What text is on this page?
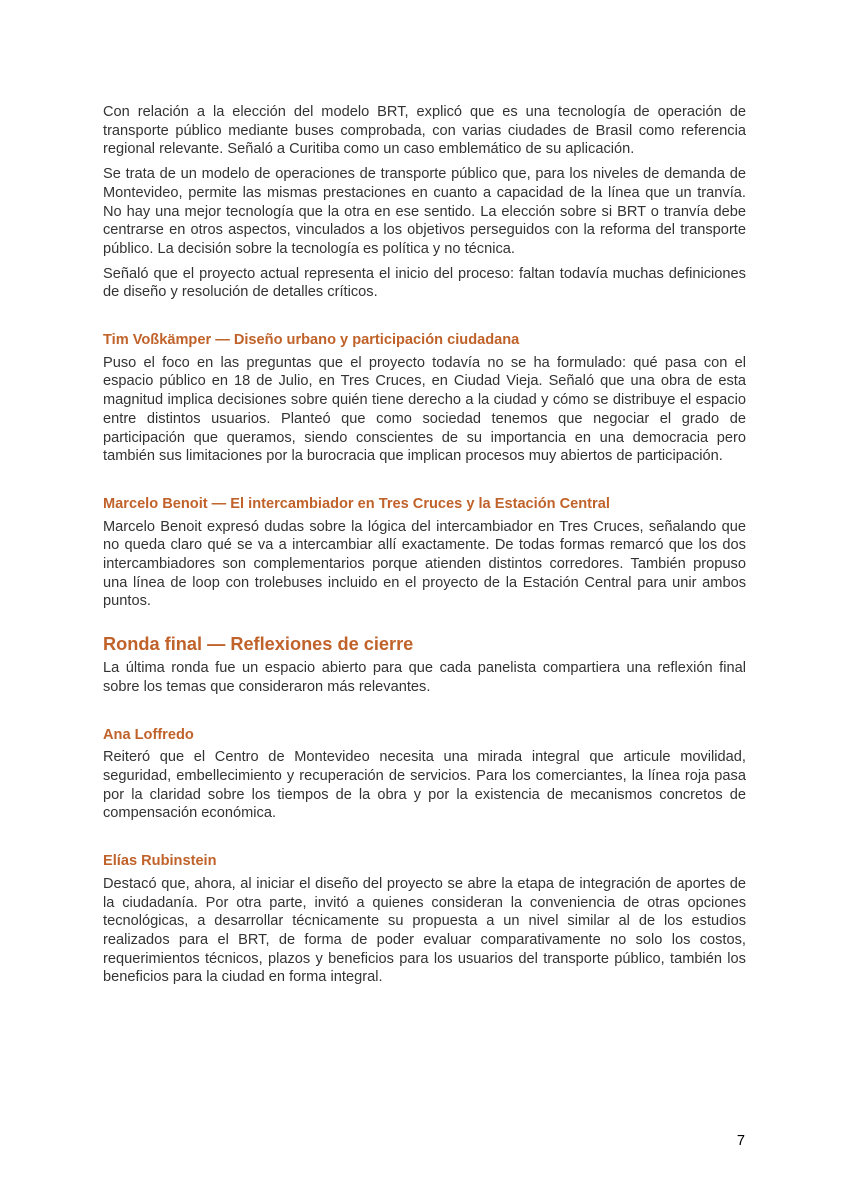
Con relación a la elección del modelo BRT, explicó que es una tecnología de operación de transporte público mediante buses comprobada, con varias ciudades de Brasil como referencia regional relevante. Señaló a Curitiba como un caso emblemático de su aplicación.

Se trata de un modelo de operaciones de transporte público que, para los niveles de demanda de Montevideo, permite las mismas prestaciones en cuanto a capacidad de la línea que un tranvía. No hay una mejor tecnología que la otra en ese sentido. La elección sobre si BRT o tranvía debe centrarse en otros aspectos, vinculados a los objetivos perseguidos con la reforma del transporte público. La decisión sobre la tecnología es política y no técnica.

Señaló que el proyecto actual representa el inicio del proceso: faltan todavía muchas definiciones de diseño y resolución de detalles críticos.

Tim Voßkämper — Diseño urbano y participación ciudadana

Puso el foco en las preguntas que el proyecto todavía no se ha formulado: qué pasa con el espacio público en 18 de Julio, en Tres Cruces, en Ciudad Vieja. Señaló que una obra de esta magnitud implica decisiones sobre quién tiene derecho a la ciudad y cómo se distribuye el espacio entre distintos usuarios. Planteó que como sociedad tenemos que negociar el grado de participación que queramos, siendo conscientes de su importancia en una democracia pero también sus limitaciones por la burocracia que implican procesos muy abiertos de participación.

Marcelo Benoit — El intercambiador en Tres Cruces y la Estación Central

Marcelo Benoit expresó dudas sobre la lógica del intercambiador en Tres Cruces, señalando que no queda claro qué se va a intercambiar allí exactamente. De todas formas remarcó que los dos intercambiadores son complementarios porque atienden distintos corredores. También propuso una línea de loop con trolebuses incluido en el proyecto de la Estación Central para unir ambos puntos.

Ronda final — Reflexiones de cierre

La última ronda fue un espacio abierto para que cada panelista compartiera una reflexión final sobre los temas que consideraron más relevantes.

Ana Loffredo

Reiteró que el Centro de Montevideo necesita una mirada integral que articule movilidad, seguridad, embellecimiento y recuperación de servicios. Para los comerciantes, la línea roja pasa por la claridad sobre los tiempos de la obra y por la existencia de mecanismos concretos de compensación económica.

Elías Rubinstein

Destacó que, ahora, al iniciar el diseño del proyecto se abre la etapa de integración de aportes de la ciudadanía. Por otra parte, invitó a quienes consideran la conveniencia de otras opciones tecnológicas, a desarrollar técnicamente su propuesta a un nivel similar al de los estudios realizados para el BRT, de forma de poder evaluar comparativamente no solo los costos, requerimientos técnicos, plazos y beneficios para los usuarios del transporte público, también los beneficios para la ciudad en forma integral.

7
